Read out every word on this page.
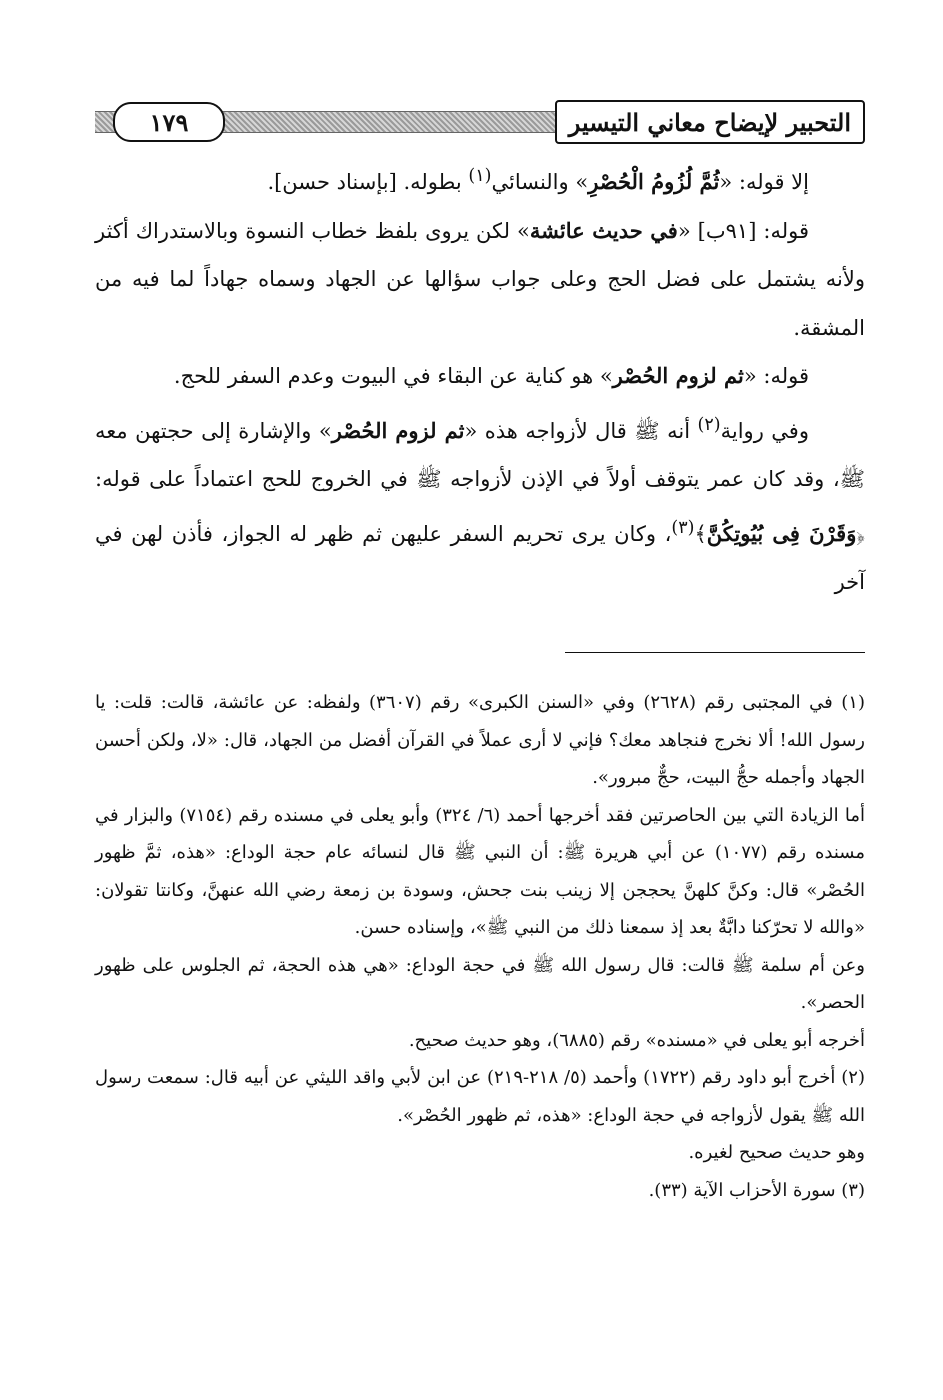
١٧٩	التحبير لإيضاح معاني التيسير

إلا قوله: «ثُمَّ لُزُومُ الْحُصْرِ» والنسائي$^{(١)}$ بطوله. [بإسناد حسن].

قوله: [٩١ب] «في حديث عائشة» لكن يروى بلفظ خطاب النسوة وبالاستدراك أكثر ولأنه يشتمل على فضل الحج وعلى جواب سؤالها عن الجهاد وسماه جهاداً لما فيه من المشقة.

قوله: «ثم لزوم الحُصْر» هو كناية عن البقاء في البيوت وعدم السفر للحج.

وفي رواية$^{(٢)}$ أنه ﷺ قال لأزواجه هذه «ثم لزوم الحُصْر» والإشارة إلى حجتهن معه ﷺ، وقد كان عمر يتوقف أولاً في الإذن لأزواجه ﷺ في الخروج للحج اعتماداً على قوله: ﴿وَقَرْنَ فِى بُيُوتِكُنَّ﴾$^{(٣)}$، وكان يرى تحريم السفر عليهن ثم ظهر له الجواز، فأذن لهن في آخر

(١) في المجتبى رقم (٢٦٢٨) وفي «السنن الكبرى» رقم (٣٦٠٧) ولفظه: عن عائشة، قالت: قلت: يا رسول الله! ألا نخرج فنجاهد معك؟ فإني لا أرى عملاً في القرآن أفضل من الجهاد، قال: «لا، ولكن أحسن الجهاد وأجمله حجُّ البيت، حجٌّ مبرور».

أما الزيادة التي بين الحاصرتين فقد أخرجها أحمد (٦/ ٣٢٤) وأبو يعلى في مسنده رقم (٧١٥٤) والبزار في مسنده رقم (١٠٧٧) عن أبي هريرة ﷺ: أن النبي ﷺ قال لنسائه عام حجة الوداع: «هذه، ثمَّ ظهور الحُصْر» قال: وكنَّ كلهنَّ يحججن إلا زينب بنت جحش، وسودة بن زمعة رضي الله عنهنَّ، وكانتا تقولان: «والله لا تحرّكنا دابَّةٌ بعد إذ سمعنا ذلك من النبي ﷺ»، وإسناده حسن.

وعن أم سلمة ﷺ قالت: قال رسول الله ﷺ في حجة الوداع: «هي هذه الحجة، ثم الجلوس على ظهور الحصر».

أخرجه أبو يعلى في «مسنده» رقم (٦٨٨٥)، وهو حديث صحيح.

(٢) أخرج أبو داود رقم (١٧٢٢) وأحمد (٥/ ٢١٨-٢١٩) عن ابن لأبي واقد الليثي عن أبيه قال: سمعت رسول الله ﷺ يقول لأزواجه في حجة الوداع: «هذه، ثم ظهور الحُصْر».

وهو حديث صحيح لغيره.

(٣) سورة الأحزاب الآية (٣٣).
